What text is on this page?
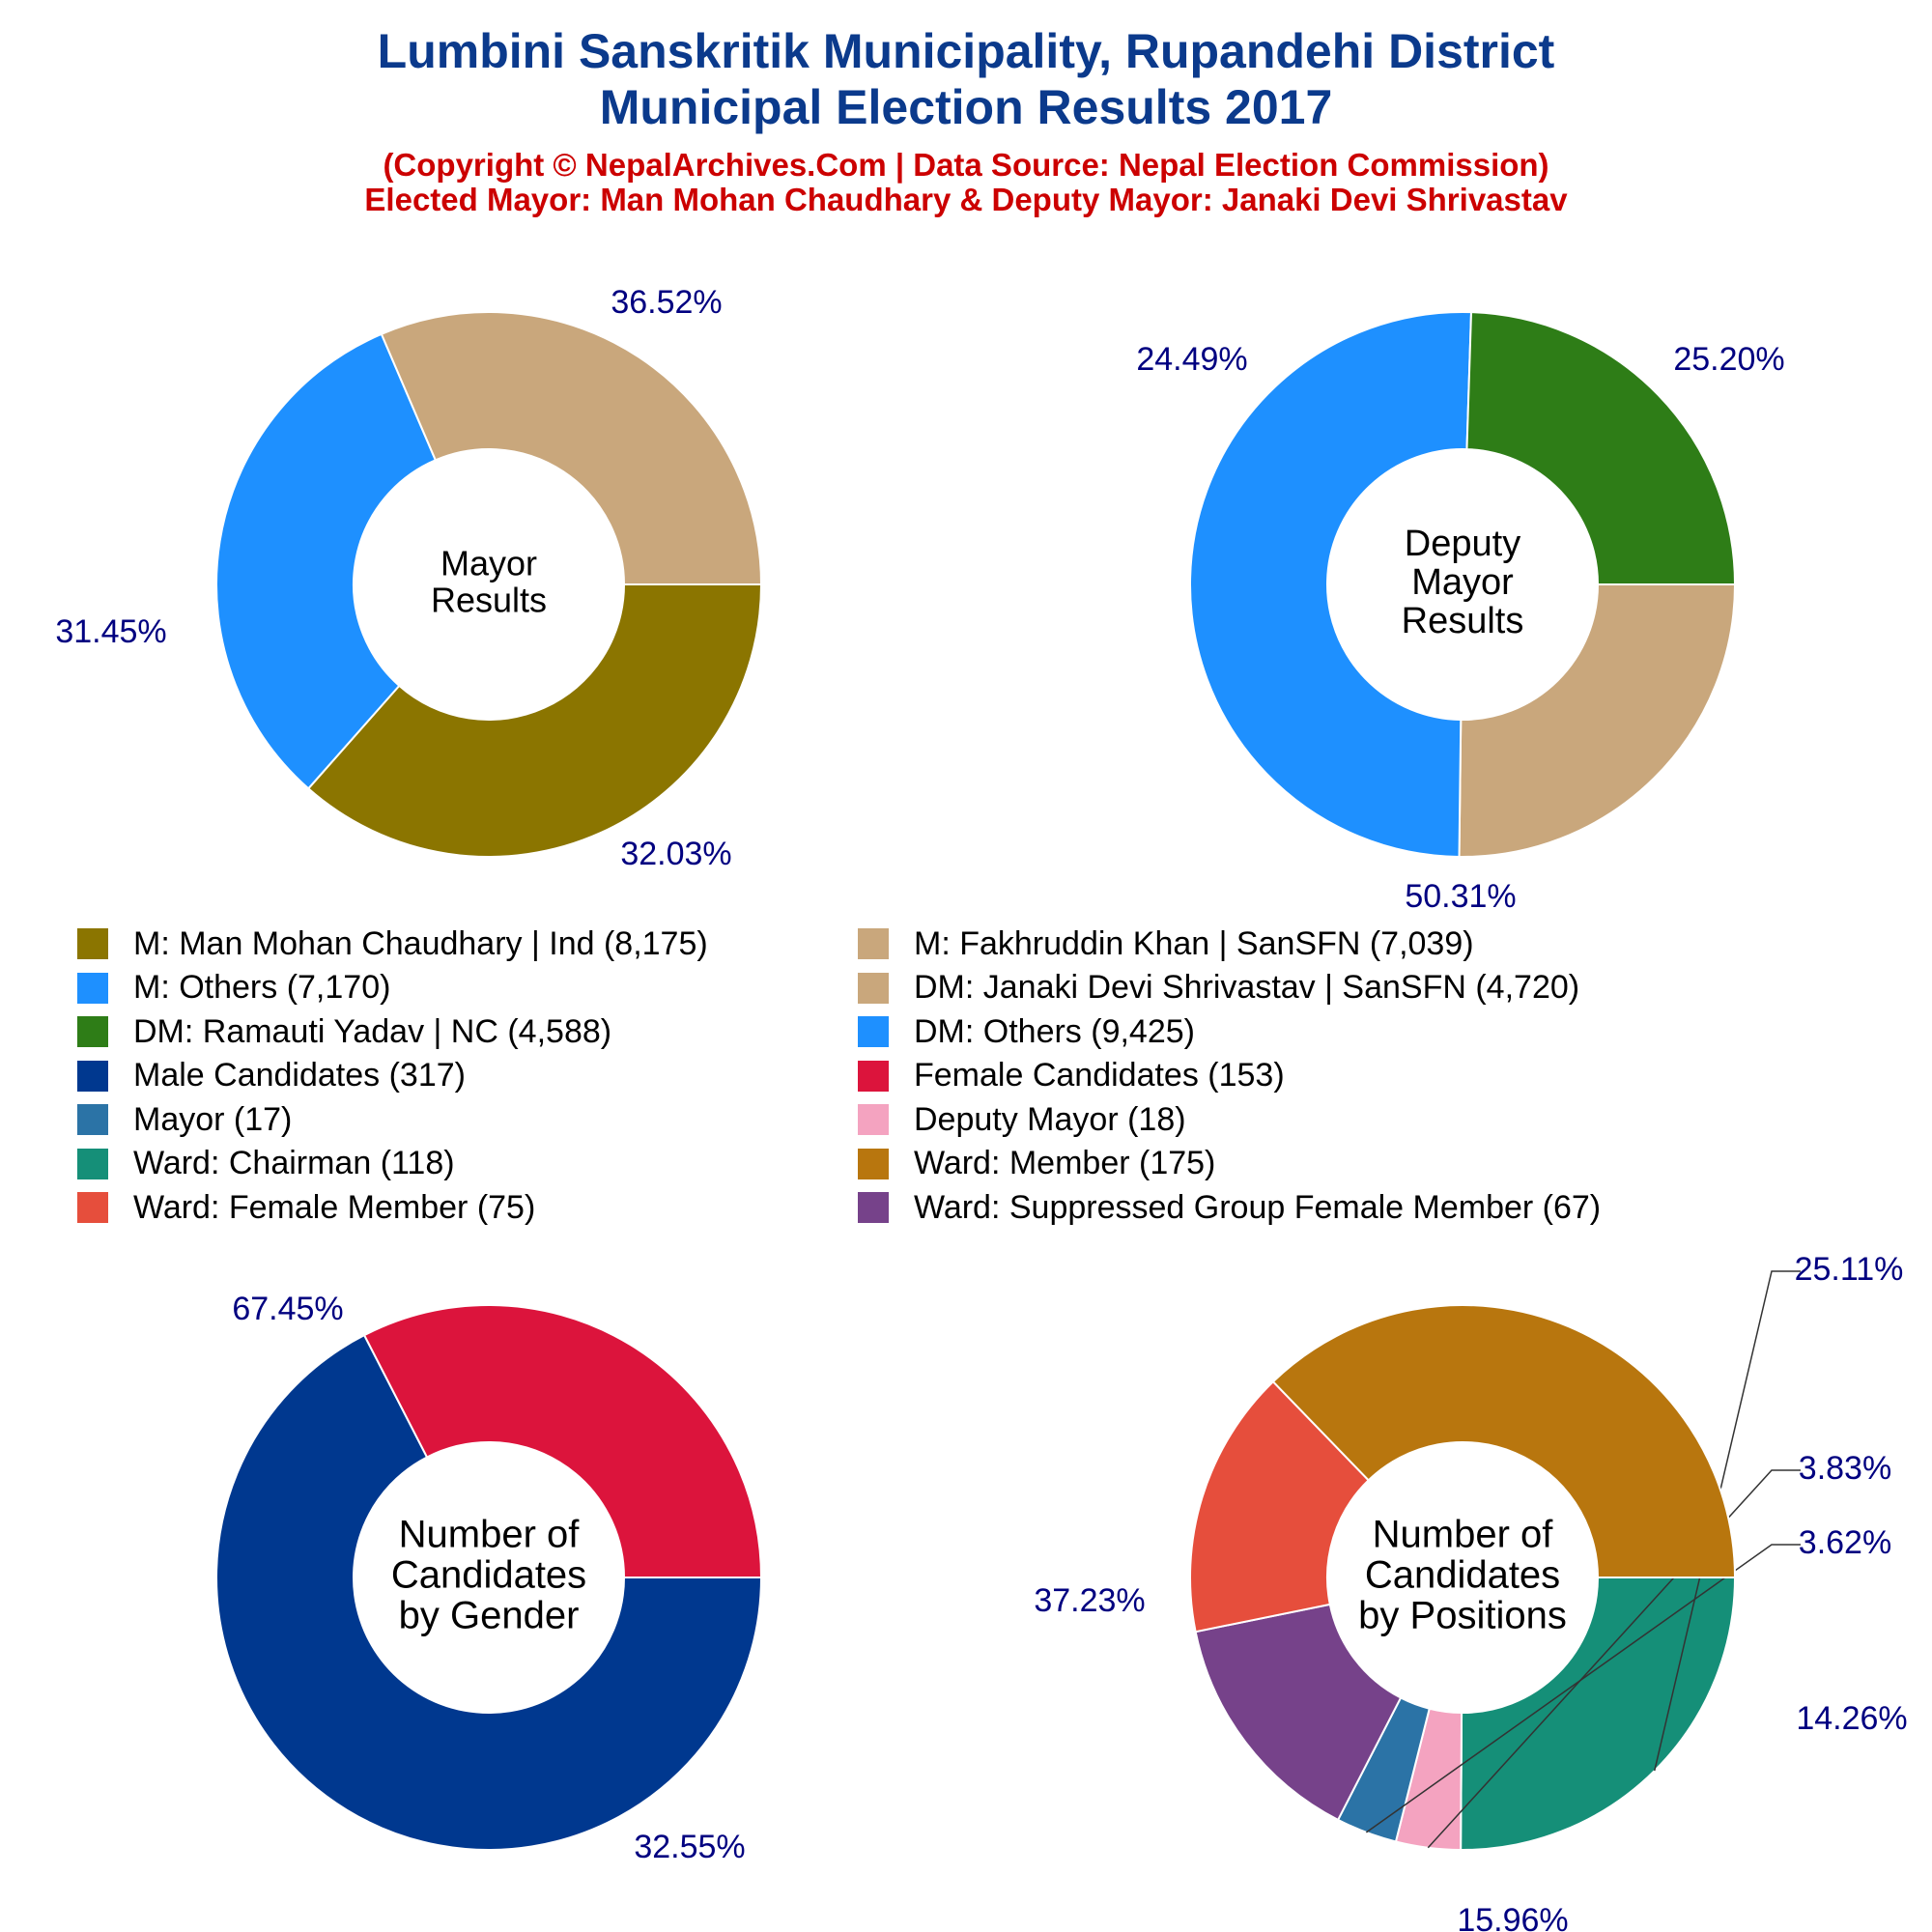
Lumbini Sanskritik Municipality, Rupandehi District
Municipal Election Results 2017
(Copyright © NepalArchives.Com | Data Source: Nepal Election Commission)
Elected Mayor: Man Mohan Chaudhary & Deputy Mayor: Janaki Devi Shrivastav
36.52%
32.03%
31.45%
Mayor Results
25.20%
50.31%
24.49%
Deputy Mayor Results
67.45%
32.55%
Number of Candidates by Gender
25.11%
3.83%
3.62%
14.26%
15.96%
37.23%
Number of Candidates by Positions
M: Man Mohan Chaudhary | Ind (8,175)	M: Fakhruddin Khan | SanSFN (7,039)
M: Others (7,170)	DM: Janaki Devi Shrivastav | SanSFN (4,720)
DM: Ramauti Yadav | NC (4,588)	DM: Others (9,425)
Male Candidates (317)	Female Candidates (153)
Mayor (17)	Deputy Mayor (18)
Ward: Chairman (118)	Ward: Member (175)
Ward: Female Member (75)	Ward: Suppressed Group Female Member (67)
